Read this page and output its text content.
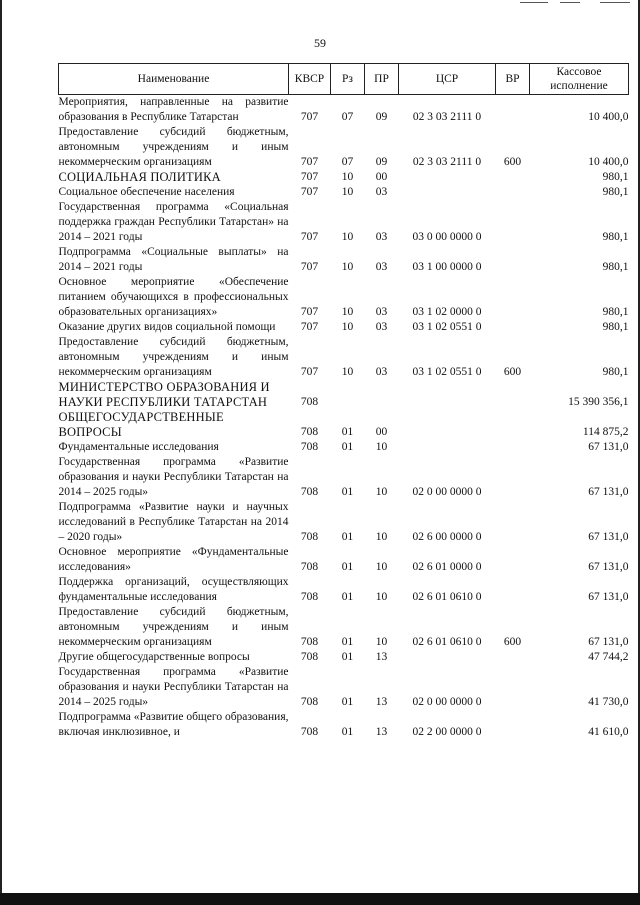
59
Наименование	КВСР	Рз	ПР	ЦСР	ВР	Кассовое исполнение
Мероприятия, направленные на развитие образования в Республике Татарстан	707	07	09	02 3 03 2111 0		10 400,0
Предоставление субсидий бюджетным, автономным учреждениям и иным некоммерческим организациям	707	07	09	02 3 03 2111 0	600	10 400,0
СОЦИАЛЬНАЯ ПОЛИТИКА	707	10	00			980,1
Социальное обеспечение населения	707	10	03			980,1
Государственная программа «Социальная поддержка граждан Республики Татарстан» на 2014 – 2021 годы	707	10	03	03 0 00 0000 0		980,1
Подпрограмма «Социальные выплаты» на 2014 – 2021 годы	707	10	03	03 1 00 0000 0		980,1
Основное мероприятие «Обеспечение питанием обучающихся в профессиональных образовательных организациях»	707	10	03	03 1 02 0000 0		980,1
Оказание других видов социальной помощи	707	10	03	03 1 02 0551 0		980,1
Предоставление субсидий бюджетным, автономным учреждениям и иным некоммерческим организациям	707	10	03	03 1 02 0551 0	600	980,1
МИНИСТЕРСТВО ОБРАЗОВАНИЯ И НАУКИ РЕСПУБЛИКИ ТАТАРСТАН	708					15 390 356,1
ОБЩЕГОСУДАРСТВЕННЫЕ ВОПРОСЫ	708	01	00			114 875,2
Фундаментальные исследования	708	01	10			67 131,0
Государственная программа «Развитие образования и науки Республики Татарстан на 2014 – 2025 годы»	708	01	10	02 0 00 0000 0		67 131,0
Подпрограмма «Развитие науки и научных исследований в Республике Татарстан на 2014 – 2020 годы»	708	01	10	02 6 00 0000 0		67 131,0
Основное мероприятие «Фундаментальные исследования»	708	01	10	02 6 01 0000 0		67 131,0
Поддержка организаций, осуществляющих фундаментальные исследования	708	01	10	02 6 01 0610 0		67 131,0
Предоставление субсидий бюджетным, автономным учреждениям и иным некоммерческим организациям	708	01	10	02 6 01 0610 0	600	67 131,0
Другие общегосударственные вопросы	708	01	13			47 744,2
Государственная программа «Развитие образования и науки Республики Татарстан на 2014 – 2025 годы»	708	01	13	02 0 00 0000 0		41 730,0
Подпрограмма «Развитие общего образования, включая инклюзивное, и	708	01	13	02 2 00 0000 0		41 610,0
